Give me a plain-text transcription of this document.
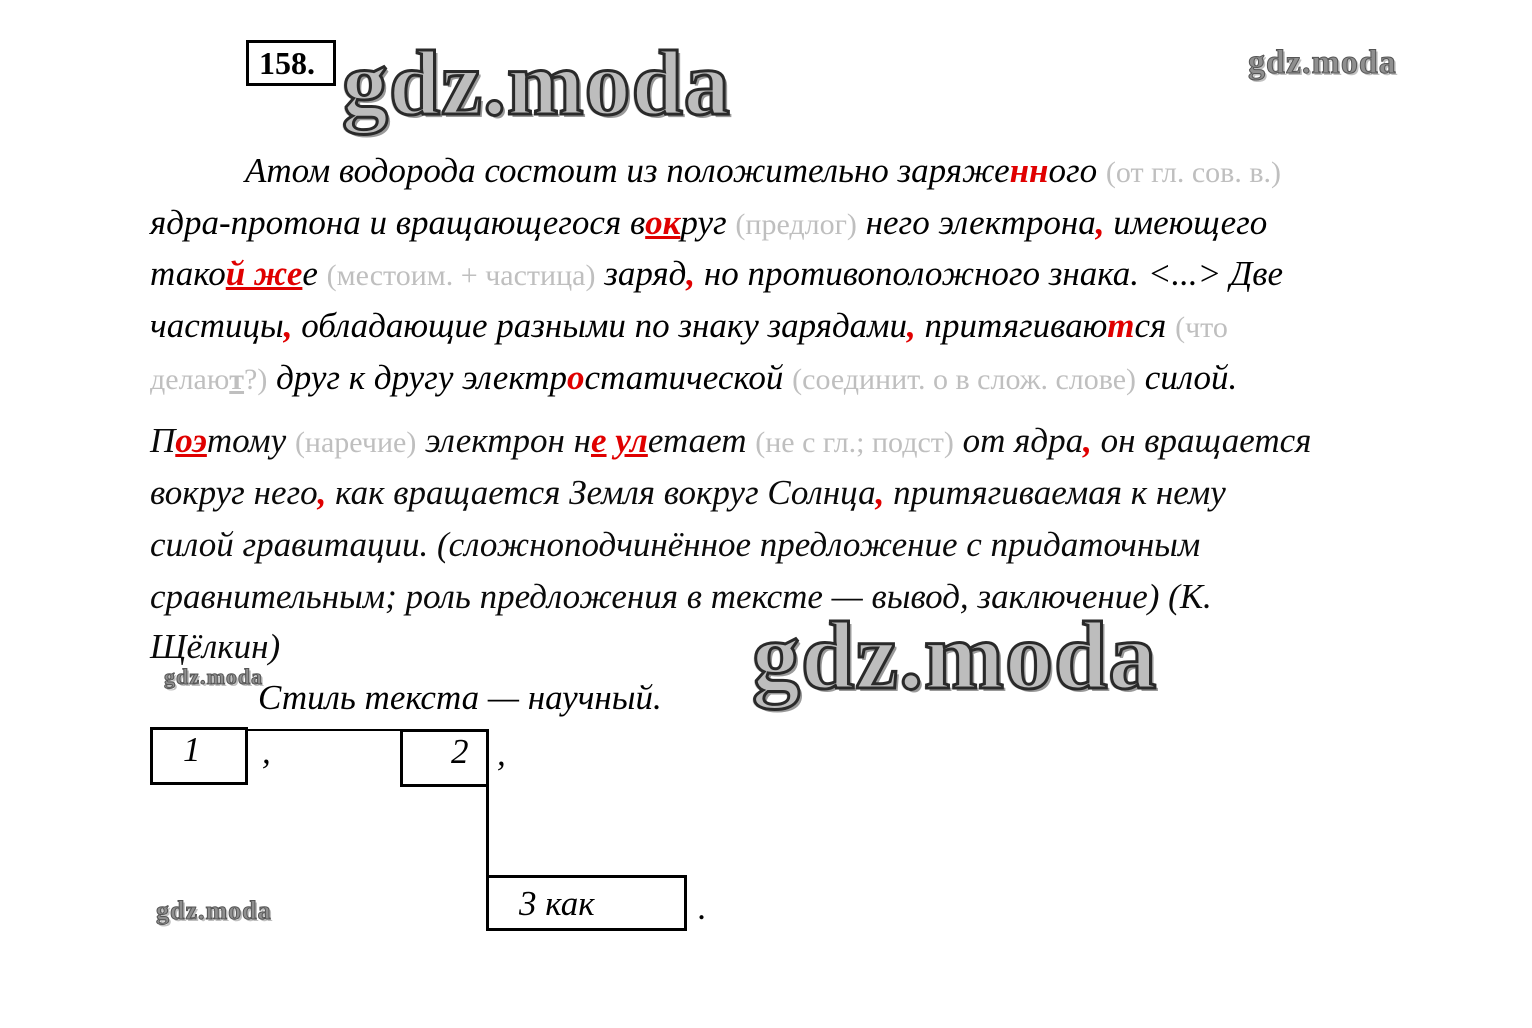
158. gdz.moda	gdz.moda
gdz.moda
gdz.moda
gdz.moda
Атом водорода состоит из положительно заряженного (от гл. сов. в.)
ядра-протона и вращающегося вокруг (предлог) него электрона, имеющего
такой жее (местоим. + частица) заряд, но противоположного знака. <...> Две
частицы, обладающие разными по знаку зарядами, притягиваются (что
делают?) друг к другу электростатической (соединит. о в слож. слове) силой.
Поэтому (наречие) электрон не улетает (не с гл.; подст) от ядра, он вращается
вокруг него, как вращается Земля вокруг Солнца, притягиваемая к нему
силой гравитации. (сложноподчинённое предложение с придаточным
сравнительным; роль предложения в тексте — вывод, заключение) (К.
Щёлкин)
Стиль текста — научный.
1	,	2 ,
3 как	.
